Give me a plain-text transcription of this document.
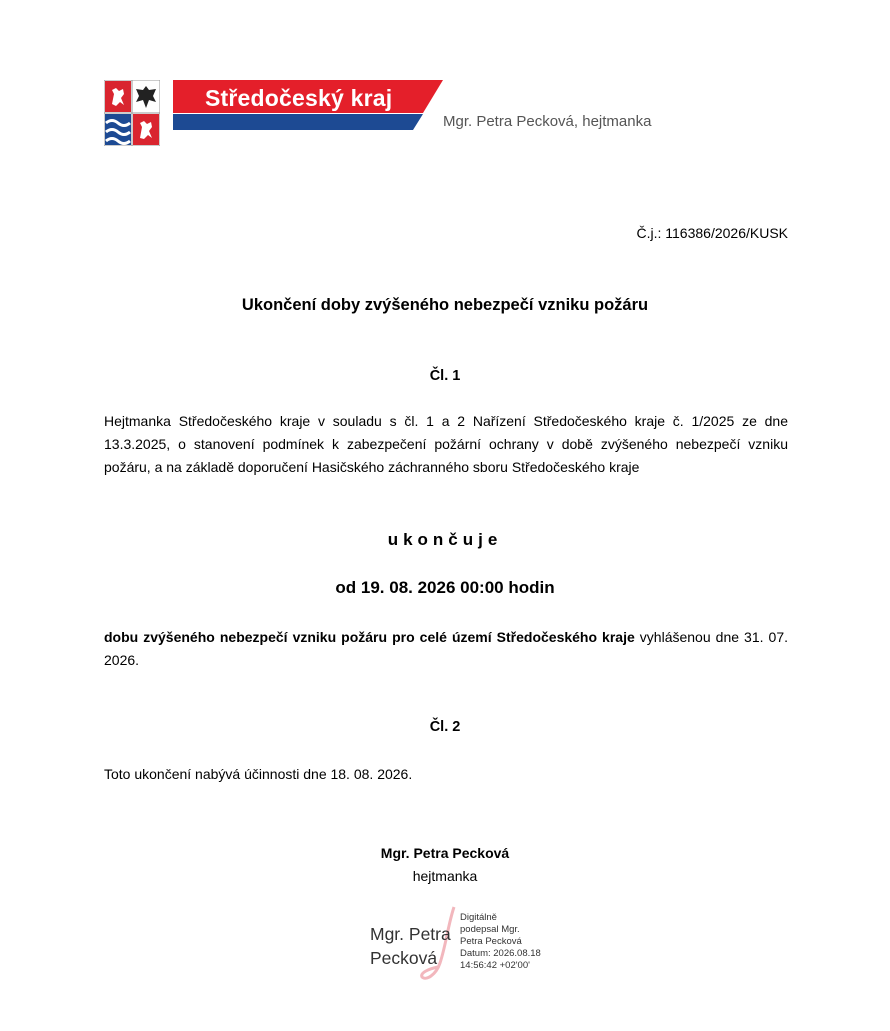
Středočeský kraj
Mgr. Petra Pecková, hejtmanka
Č.j.: 116386/2026/KUSK
Ukončení doby zvýšeného nebezpečí vzniku požáru
Čl. 1
Hejtmanka Středočeského kraje v souladu s čl. 1 a 2 Nařízení Středočeského kraje č. 1/2025 ze dne 13.3.2025, o stanovení podmínek k zabezpečení požární ochrany v době zvýšeného nebezpečí vzniku požáru, a na základě doporučení Hasičského záchranného sboru Středočeského kraje
ukončuje
od 19. 08. 2026 00:00 hodin
dobu zvýšeného nebezpečí vzniku požáru pro celé území Středočeského kraje vyhlášenou dne 31. 07. 2026.
Čl. 2
Toto ukončení nabývá účinnosti dne 18. 08. 2026.
Mgr. Petra Pecková
hejtmanka
Mgr. Petra
Pecková
Digitálně
podepsal Mgr.
Petra Pecková
Datum: 2026.08.18
14:56:42 +02'00'
